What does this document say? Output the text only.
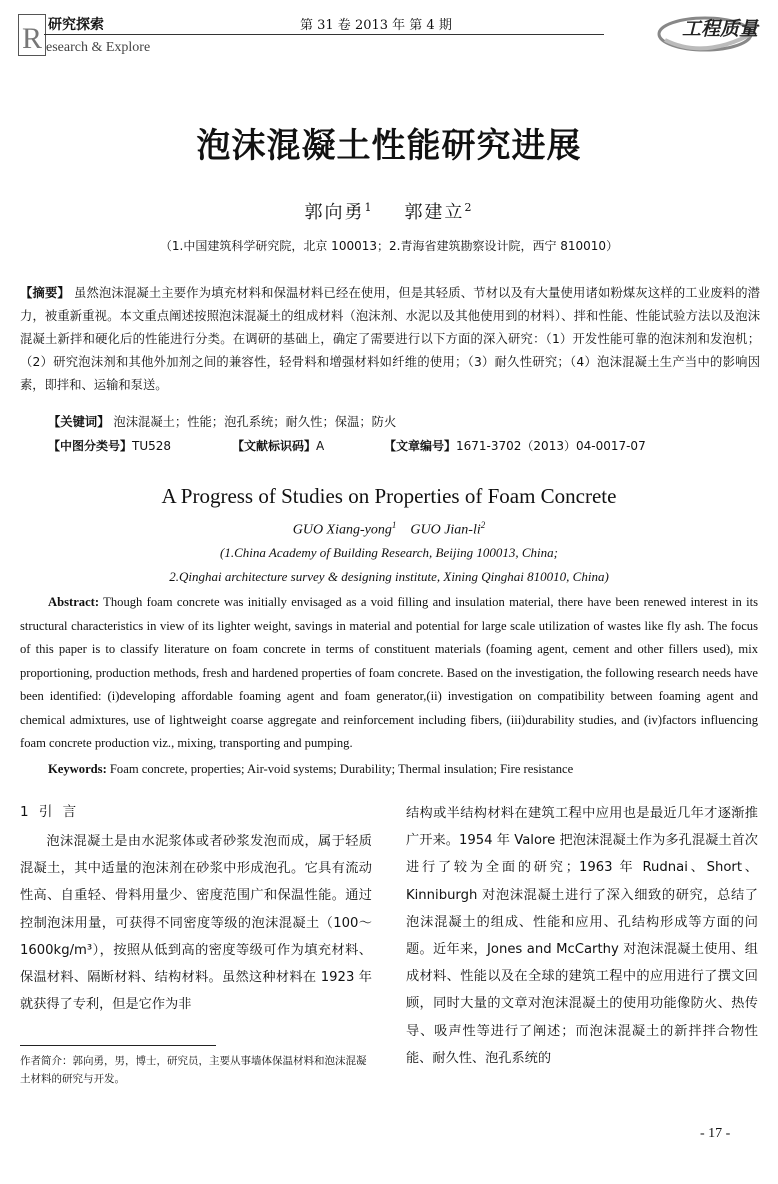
R 研究探索
esearch & Explore
第 31 卷 2013 年 第 4 期	工程质量
泡沫混凝土性能研究进展
郭向勇$^1$ 郭建立$^2$
（1.中国建筑科学研究院，北京 100013；2.青海省建筑勘察设计院，西宁 810010）

【摘要】 虽然泡沫混凝土主要作为填充材料和保温材料已经在使用，但是其轻质、节材以及有大量使用诸如粉煤灰这样的工业废料的潜力，被重新重视。本文重点阐述按照泡沫混凝土的组成材料（泡沫剂、水泥以及其他使用到的材料）、拌和性能、性能试验方法以及泡沫混凝土新拌和硬化后的性能进行分类。在调研的基础上，确定了需要进行以下方面的深入研究：（1）开发性能可靠的泡沫剂和发泡机；（2）研究泡沫剂和其他外加剂之间的兼容性，轻骨料和增强材料如纤维的使用；（3）耐久性研究；（4）泡沫混凝土生产当中的影响因素，即拌和、运输和泵送。

【关键词】 泡沫混凝土；性能；泡孔系统；耐久性；保温；防火
【中图分类号】TU528	【文献标识码】A	【文章编号】1671-3702（2013）04-0017-07
A Progress of Studies on Properties of Foam Concrete
GUO Xiang-yong$^1$ GUO Jian-$li^2$
(1.China Academy of Building Research, Beijing 100013, China;
2.Qinghai architecture survey & designing institute, Xining Qinghai 810010, China)

Abstract: Though foam concrete was initially envisaged as a void filling and insulation material, there have been renewed interest in its structural characteristics in view of its lighter weight, savings in material and potential for large scale utilization of wastes like fly ash. The focus of this paper is to classify literature on foam concrete in terms of constituent materials (foaming agent, cement and other fillers used), mix proportioning, production methods, fresh and hardened properties of foam concrete. Based on the investigation, the following research needs have been identified: (i)developing affordable foaming agent and foam generator,(ii) investigation on compatibility between foaming agent and chemical admixtures, use of lightweight coarse aggregate and reinforcement including fibers, (iii)durability studies, and (iv)factors influencing foam concrete production viz., mixing, transporting and pumping.

Keywords: Foam concrete, properties; Air-void systems; Durability; Thermal insulation; Fire resistance
1 引 言

泡沫混凝土是由水泥浆体或者砂浆发泡而成，属于轻质混凝土，其中适量的泡沫剂在砂浆中形成泡孔。它具有流动性高、自重轻、骨料用量少、密度范围广和保温性能。通过控制泡沫用量，可获得不同密度等级的泡沫混凝土（100～1600kg/m³），按照从低到高的密度等级可作为填充材料、保温材料、隔断材料、结构材料。虽然这种材料在 1923 年就获得了专利，但是它作为非

结构或半结构材料在建筑工程中应用也是最近几年才逐渐推广开来。1954 年 Valore 把泡沫混凝土作为多孔混凝土首次进行了较为全面的研究；1963 年 Rudnai、Short、Kinniburgh 对泡沫混凝土进行了深入细致的研究，总结了泡沫混凝土的组成、性能和应用、孔结构形成等方面的问题。近年来，Jones and McCarthy 对泡沫混凝土使用、组成材料、性能以及在全球的建筑工程中的应用进行了撰文回顾，同时大量的文章对泡沫混凝土的使用功能像防火、热传导、吸声性等进行了阐述；而泡沫混凝土的新拌拌合物性能、耐久性、泡孔系统的

作者简介：郭向勇，男，博士，研究员，主要从事墙体保温材料和泡沫混凝土材料的研究与开发。

- 17 -
